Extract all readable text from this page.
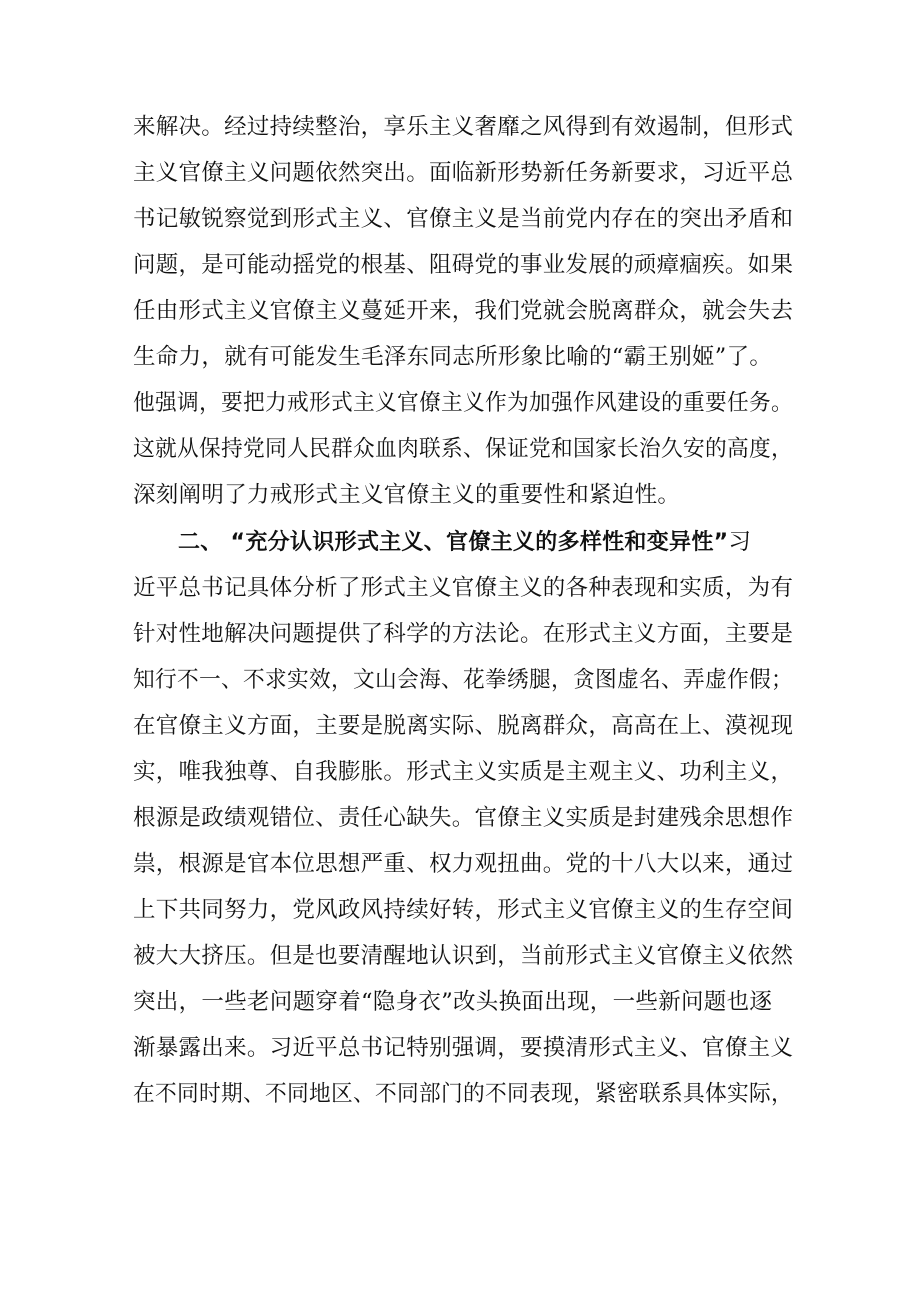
来解决。经过持续整治，享乐主义奢靡之风得到有效遏制，但形式
主义官僚主义问题依然突出。面临新形势新任务新要求，习近平总
书记敏锐察觉到形式主义、官僚主义是当前党内存在的突出矛盾和
问题，是可能动摇党的根基、阻碍党的事业发展的顽瘴痼疾。如果
任由形式主义官僚主义蔓延开来，我们党就会脱离群众，就会失去
生命力，就有可能发生毛泽东同志所形象比喻的“霸王别姬”了。
他强调，要把力戒形式主义官僚主义作为加强作风建设的重要任务。
这就从保持党同人民群众血肉联系、保证党和国家长治久安的高度，
深刻阐明了力戒形式主义官僚主义的重要性和紧迫性。
二、 “充分认识形式主义、官僚主义的多样性和变异性”习
近平总书记具体分析了形式主义官僚主义的各种表现和实质，为有
针对性地解决问题提供了科学的方法论。在形式主义方面，主要是
知行不一、不求实效，文山会海、花拳绣腿，贪图虚名、弄虚作假；
在官僚主义方面，主要是脱离实际、脱离群众，高高在上、漠视现
实，唯我独尊、自我膨胀。形式主义实质是主观主义、功利主义，
根源是政绩观错位、责任心缺失。官僚主义实质是封建残余思想作
祟，根源是官本位思想严重、权力观扭曲。党的十八大以来，通过
上下共同努力，党风政风持续好转，形式主义官僚主义的生存空间
被大大挤压。但是也要清醒地认识到，当前形式主义官僚主义依然
突出，一些老问题穿着“隐身衣”改头换面出现，一些新问题也逐
渐暴露出来。习近平总书记特别强调，要摸清形式主义、官僚主义
在不同时期、不同地区、不同部门的不同表现，紧密联系具体实际，
